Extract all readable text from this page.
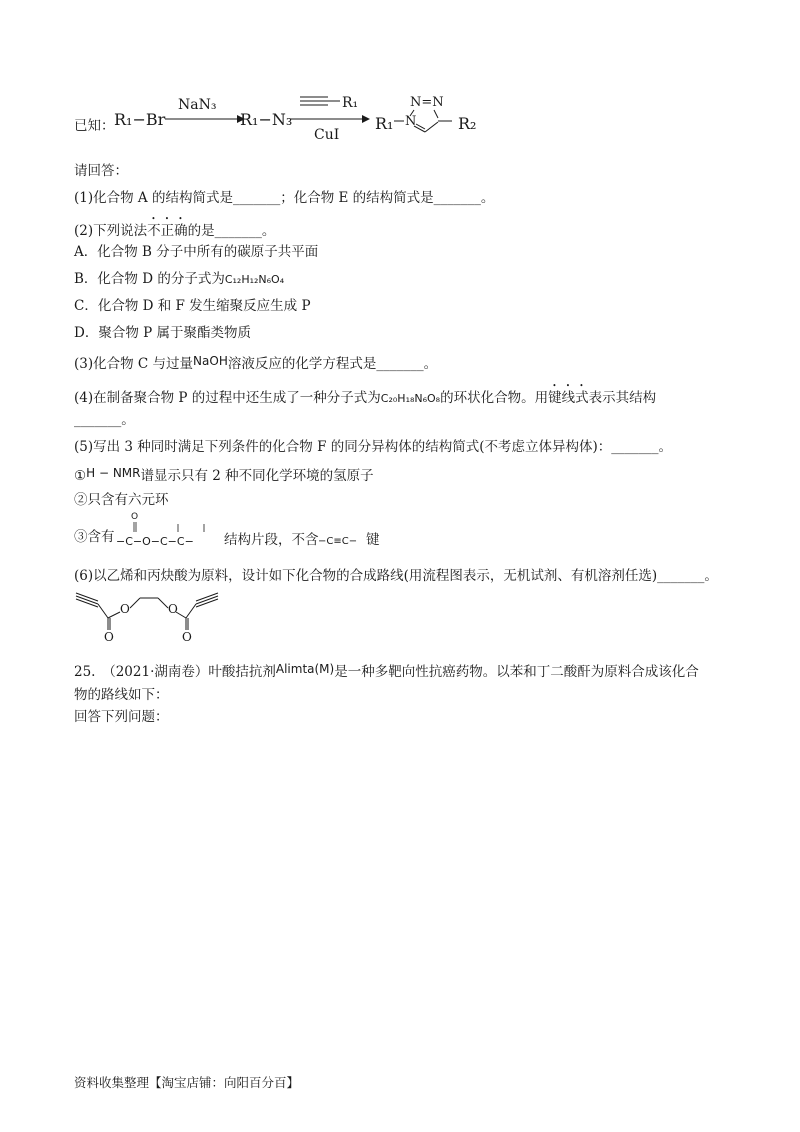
已知： R₁−Br
NaN₃
R₁−N₃
R₁
CuI
R₁
N=N
N	R₂
请回答：
(1)化合物 A 的结构简式是_______；化合物 E 的结构简式是_______。
(2)下列说法不正确的是_______。
A．化合物 B 分子中所有的碳原子共平面
B．化合物 D 的分子式为C₁₂H₁₂N₆O₄
C．化合物 D 和 F 发生缩聚反应生成 P
D．聚合物 P 属于聚酯类物质
(3)化合物 C 与过量NaOH溶液反应的化学方程式是_______。
(4)在制备聚合物 P 的过程中还生成了一种分子式为C₂₀H₁₈N₆O₈的环状化合物。用键线式表示其结构
_______。
(5)写出 3 种同时满足下列条件的化合物 F 的同分异构体的结构简式(不考虑立体异构体)：_______。
①H − NMR谱显示只有 2 种不同化学环境的氢原子
②只含有六元环
③含有
O
−C−O−C−C− 结构片段，不含 −C≡C− 键
(6)以乙烯和丙炔酸为原料，设计如下化合物的合成路线(用流程图表示，无机试剂、有机溶剂任选)_______。
O	O
O	O
25.　（2021·湖南卷）叶酸拮抗剂Alimta(M)是一种多靶向性抗癌药物。以苯和丁二酸酐为原料合成该化合
物的路线如下：
回答下列问题：
资料收集整理【淘宝店铺：向阳百分百】
